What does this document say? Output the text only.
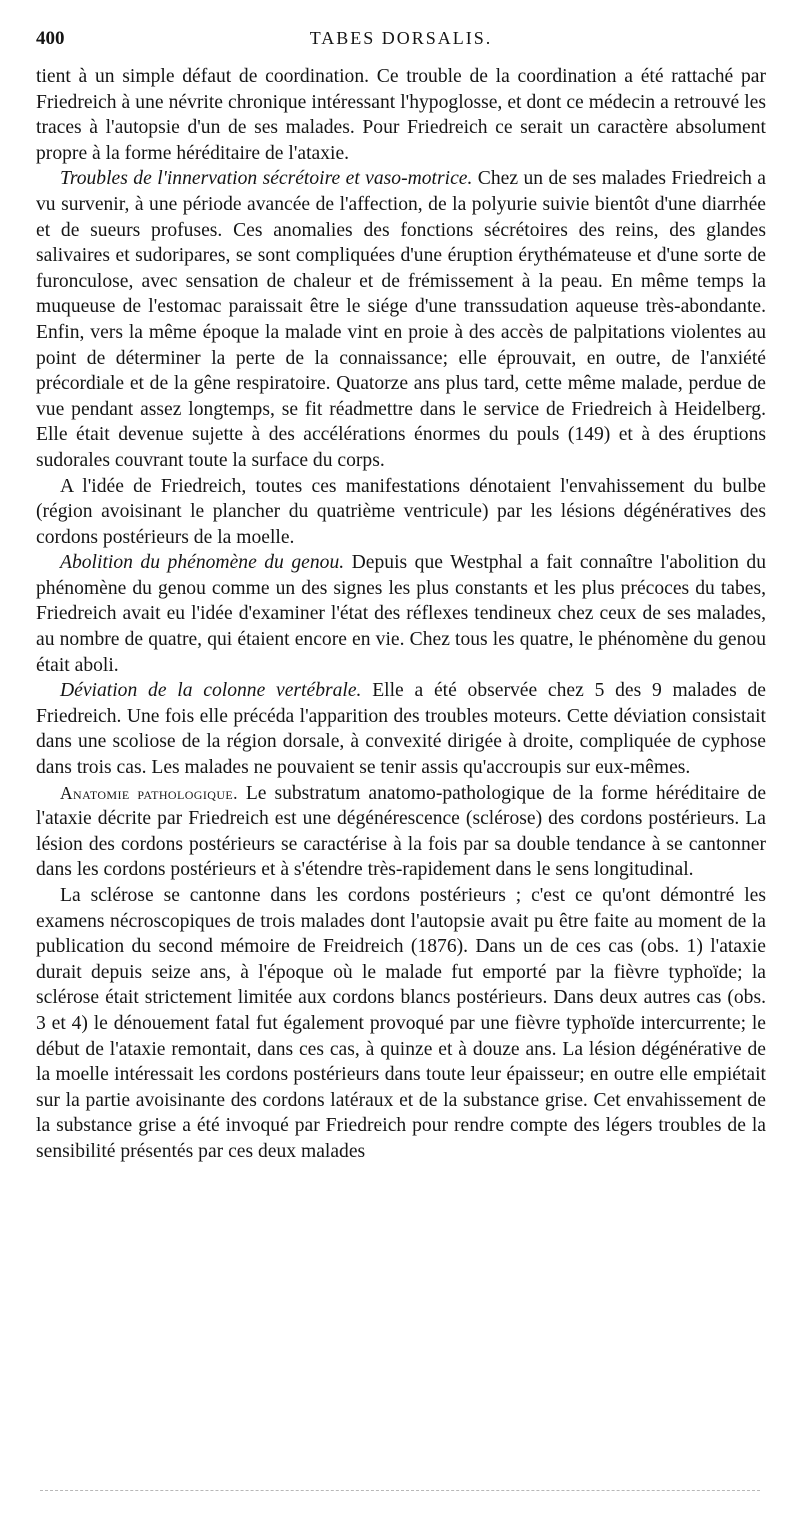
400	TABES DORSALIS.

tient à un simple défaut de coordination. Ce trouble de la coordination a été rattaché par Friedreich à une névrite chronique intéressant l'hypoglosse, et dont ce médecin a retrouvé les traces à l'autopsie d'un de ses malades. Pour Friedreich ce serait un caractère absolument propre à la forme héréditaire de l'ataxie.

Troubles de l'innervation sécrétoire et vaso-motrice. Chez un de ses malades Friedreich a vu survenir, à une période avancée de l'affection, de la polyurie suivie bientôt d'une diarrhée et de sueurs profuses. Ces anomalies des fonctions sécrétoires des reins, des glandes salivaires et sudoripares, se sont compliquées d'une éruption érythémateuse et d'une sorte de furonculose, avec sensation de chaleur et de frémissement à la peau. En même temps la muqueuse de l'estomac paraissait être le siége d'une transsudation aqueuse très-abondante. Enfin, vers la même époque la malade vint en proie à des accès de palpitations violentes au point de déterminer la perte de la connaissance; elle éprouvait, en outre, de l'anxiété précordiale et de la gêne respiratoire. Quatorze ans plus tard, cette même malade, perdue de vue pendant assez longtemps, se fit réadmettre dans le service de Friedreich à Heidelberg. Elle était devenue sujette à des accélérations énormes du pouls (149) et à des éruptions sudorales couvrant toute la surface du corps.

A l'idée de Friedreich, toutes ces manifestations dénotaient l'envahissement du bulbe (région avoisinant le plancher du quatrième ventricule) par les lésions dégénératives des cordons postérieurs de la moelle.

Abolition du phénomène du genou. Depuis que Westphal a fait connaître l'abolition du phénomène du genou comme un des signes les plus constants et les plus précoces du tabes, Friedreich avait eu l'idée d'examiner l'état des réflexes tendineux chez ceux de ses malades, au nombre de quatre, qui étaient encore en vie. Chez tous les quatre, le phénomène du genou était aboli.

Déviation de la colonne vertébrale. Elle a été observée chez 5 des 9 malades de Friedreich. Une fois elle précéda l'apparition des troubles moteurs. Cette déviation consistait dans une scoliose de la région dorsale, à convexité dirigée à droite, compliquée de cyphose dans trois cas. Les malades ne pouvaient se tenir assis qu'accroupis sur eux-mêmes.

Anatomie pathologique. Le substratum anatomo-pathologique de la forme héréditaire de l'ataxie décrite par Friedreich est une dégénérescence (sclérose) des cordons postérieurs. La lésion des cordons postérieurs se caractérise à la fois par sa double tendance à se cantonner dans les cordons postérieurs et à s'étendre très-rapidement dans le sens longitudinal.

La sclérose se cantonne dans les cordons postérieurs ; c'est ce qu'ont démontré les examens nécroscopiques de trois malades dont l'autopsie avait pu être faite au moment de la publication du second mémoire de Freidreich (1876). Dans un de ces cas (obs. 1) l'ataxie durait depuis seize ans, à l'époque où le malade fut emporté par la fièvre typhoïde; la sclérose était strictement limitée aux cordons blancs postérieurs. Dans deux autres cas (obs. 3 et 4) le dénouement fatal fut également provoqué par une fièvre typhoïde intercurrente; le début de l'ataxie remontait, dans ces cas, à quinze et à douze ans. La lésion dégénérative de la moelle intéressait les cordons postérieurs dans toute leur épaisseur; en outre elle empiétait sur la partie avoisinante des cordons latéraux et de la substance grise. Cet envahissement de la substance grise a été invoqué par Friedreich pour rendre compte des légers troubles de la sensibilité présentés par ces deux malades
